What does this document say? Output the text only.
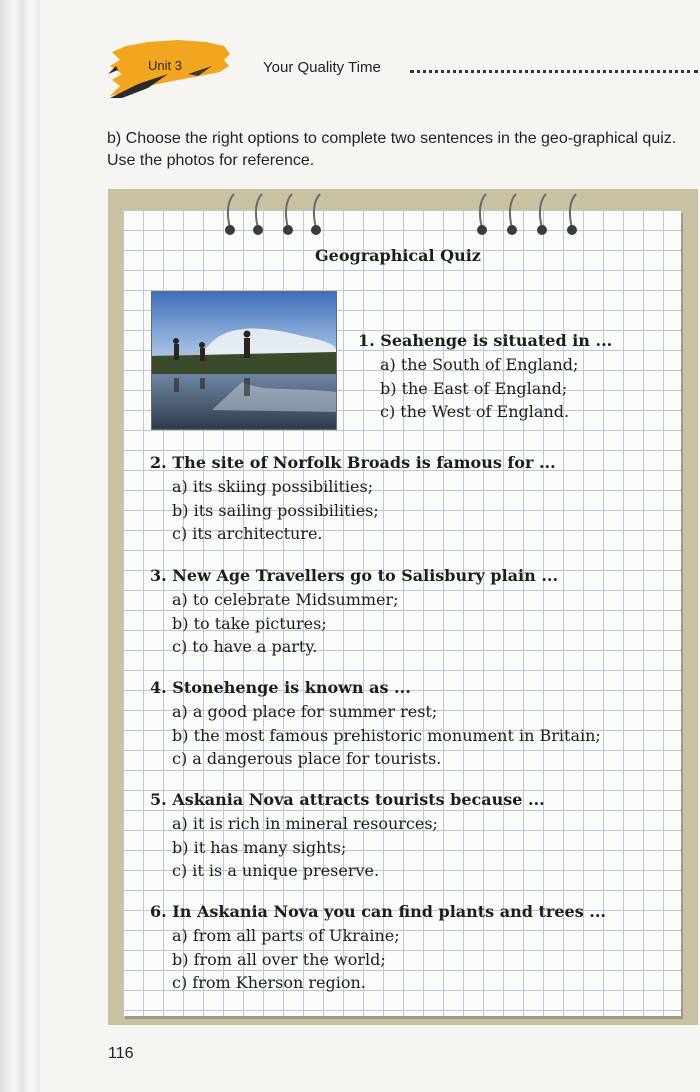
Unit 3	Your Quality Time
b) Choose the right options to complete two sentences in the geo-graphical quiz. Use the photos for reference.
Geographical Quiz
1. Seahenge is situated in ...
a) the South of England;
b) the East of England;
c) the West of England.
2. The site of Norfolk Broads is famous for ...
a) its skiing possibilities;
b) its sailing possibilities;
c) its architecture.
3. New Age Travellers go to Salisbury plain ...
a) to celebrate Midsummer;
b) to take pictures;
c) to have a party.
4. Stonehenge is known as ...
a) a good place for summer rest;
b) the most famous prehistoric monument in Britain;
c) a dangerous place for tourists.
5. Askania Nova attracts tourists because ...
a) it is rich in mineral resources;
b) it has many sights;
c) it is a unique preserve.
6. In Askania Nova you can find plants and trees ...
a) from all parts of Ukraine;
b) from all over the world;
c) from Kherson region.
116
